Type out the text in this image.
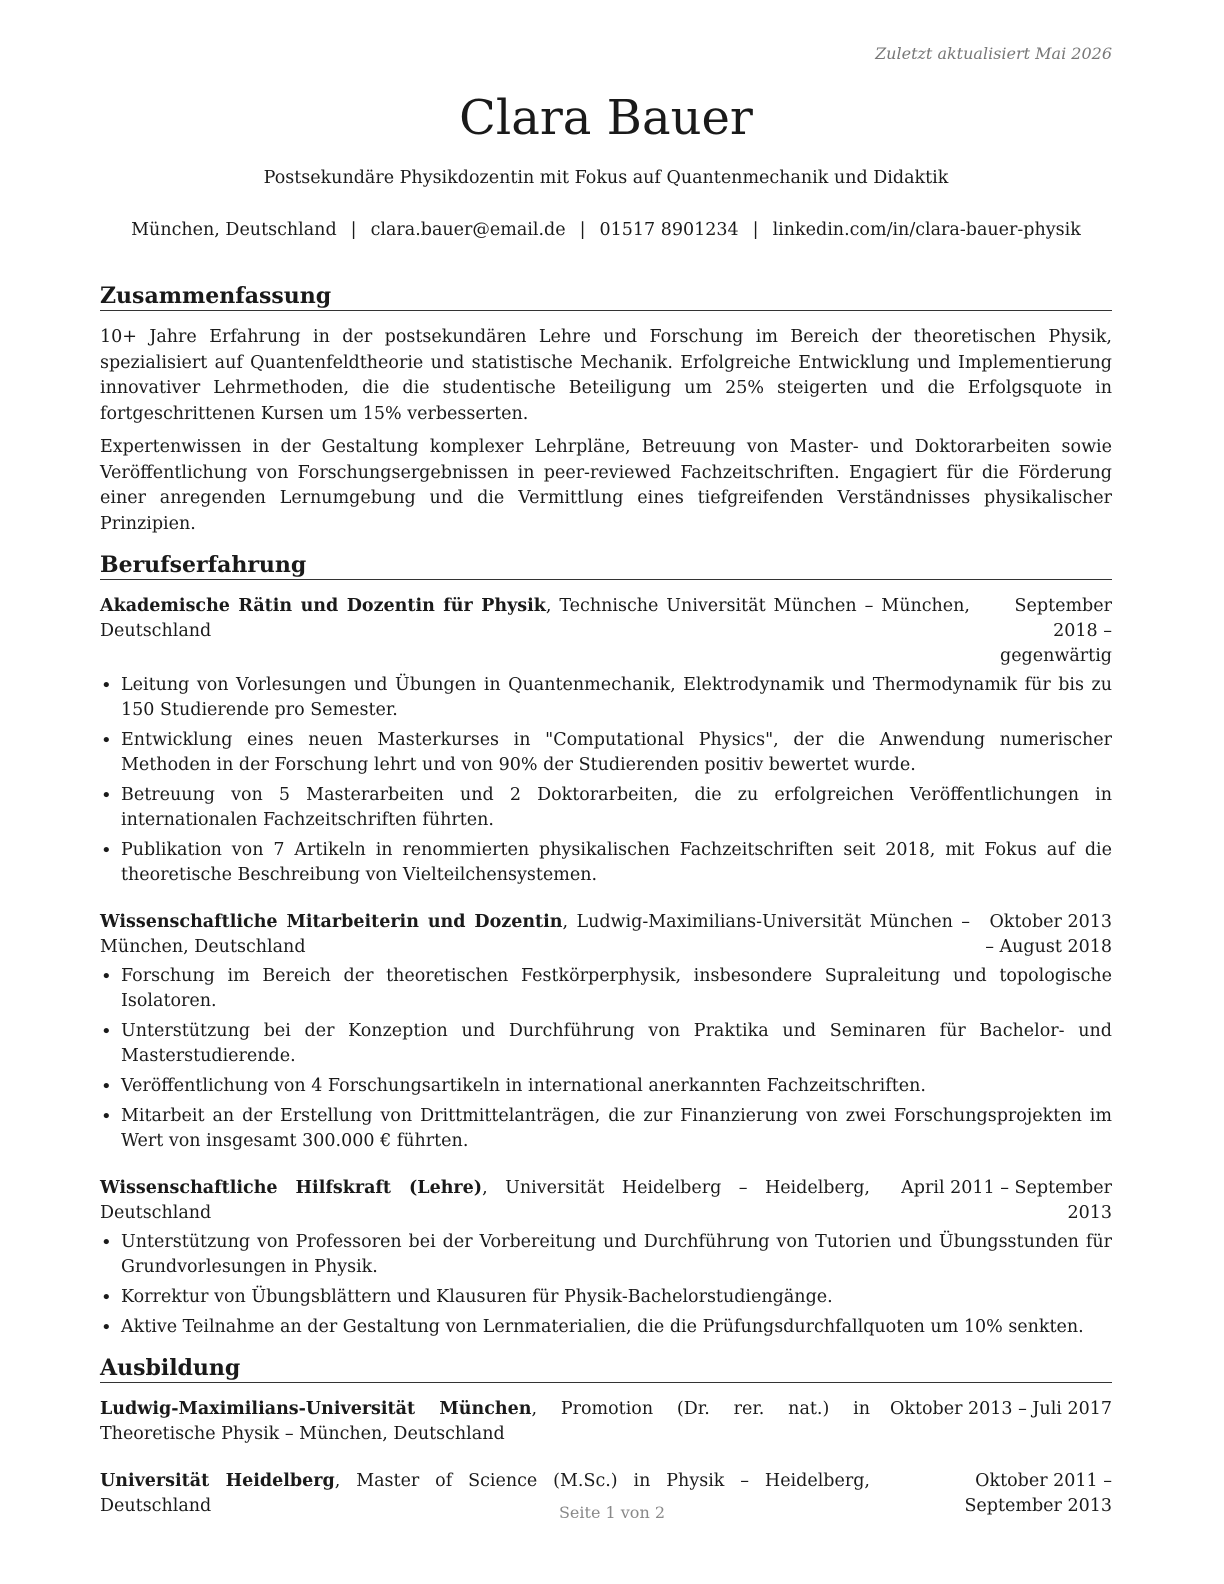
Zuletzt aktualisiert Mai 2026
Clara Bauer
Postsekundäre Physikdozentin mit Fokus auf Quantenmechanik und Didaktik
München, Deutschland | clara.bauer@email.de | 01517 8901234 | linkedin.com/in/clara-bauer-physik
Zusammenfassung

10+ Jahre Erfahrung in der postsekundären Lehre und Forschung im Bereich der theoretischen Physik, spezialisiert auf Quantenfeldtheorie und statistische Mechanik. Erfolgreiche Entwicklung und Implementierung innovativer Lehrmethoden, die die studentische Beteiligung um 25% steigerten und die Erfolgsquote in fortgeschrittenen Kursen um 15% verbesserten.

Expertenwissen in der Gestaltung komplexer Lehrpläne, Betreuung von Master- und Doktorarbeiten sowie Veröffentlichung von Forschungsergebnissen in peer-reviewed Fachzeitschriften. Engagiert für die Förderung einer anregenden Lernumgebung und die Vermittlung eines tiefgreifenden Verständnisses physikalischer Prinzipien.

Berufserfahrung
Akademische Rätin und Dozentin für Physik, Technische Universität München – München, Deutschland
September 2018 – gegenwärtig
• Leitung von Vorlesungen und Übungen in Quantenmechanik, Elektrodynamik und Thermodynamik für bis zu 150 Studierende pro Semester.
• Entwicklung eines neuen Masterkurses in "Computational Physics", der die Anwendung numerischer Methoden in der Forschung lehrt und von 90% der Studierenden positiv bewertet wurde.
• Betreuung von 5 Masterarbeiten und 2 Doktorarbeiten, die zu erfolgreichen Veröffentlichungen in internationalen Fachzeitschriften führten.
• Publikation von 7 Artikeln in renommierten physikalischen Fachzeitschriften seit 2018, mit Fokus auf die theoretische Beschreibung von Vielteilchensystemen.
Wissenschaftliche Mitarbeiterin und Dozentin, Ludwig-Maximilians-Universität München – München, Deutschland
Oktober 2013 – August 2018
• Forschung im Bereich der theoretischen Festkörperphysik, insbesondere Supraleitung und topologische Isolatoren.
• Unterstützung bei der Konzeption und Durchführung von Praktika und Seminaren für Bachelor- und Masterstudierende.
• Veröffentlichung von 4 Forschungsartikeln in international anerkannten Fachzeitschriften.
• Mitarbeit an der Erstellung von Drittmittelanträgen, die zur Finanzierung von zwei Forschungsprojekten im Wert von insgesamt 300.000 € führten.
Wissenschaftliche Hilfskraft (Lehre), Universität Heidelberg – Heidelberg, Deutschland
April 2011 – September 2013
• Unterstützung von Professoren bei der Vorbereitung und Durchführung von Tutorien und Übungsstunden für Grundvorlesungen in Physik.
• Korrektur von Übungsblättern und Klausuren für Physik-Bachelorstudiengänge.
• Aktive Teilnahme an der Gestaltung von Lernmaterialien, die die Prüfungsdurchfallquoten um 10% senkten.
Ausbildung
Ludwig-Maximilians-Universität München, Promotion (Dr. rer. nat.) in Theoretische Physik – München, Deutschland
Oktober 2013 – Juli 2017
Universität Heidelberg, Master of Science (M.Sc.) in Physik – Heidelberg, Deutschland
Oktober 2011 – September 2013
Seite 1 von 2
